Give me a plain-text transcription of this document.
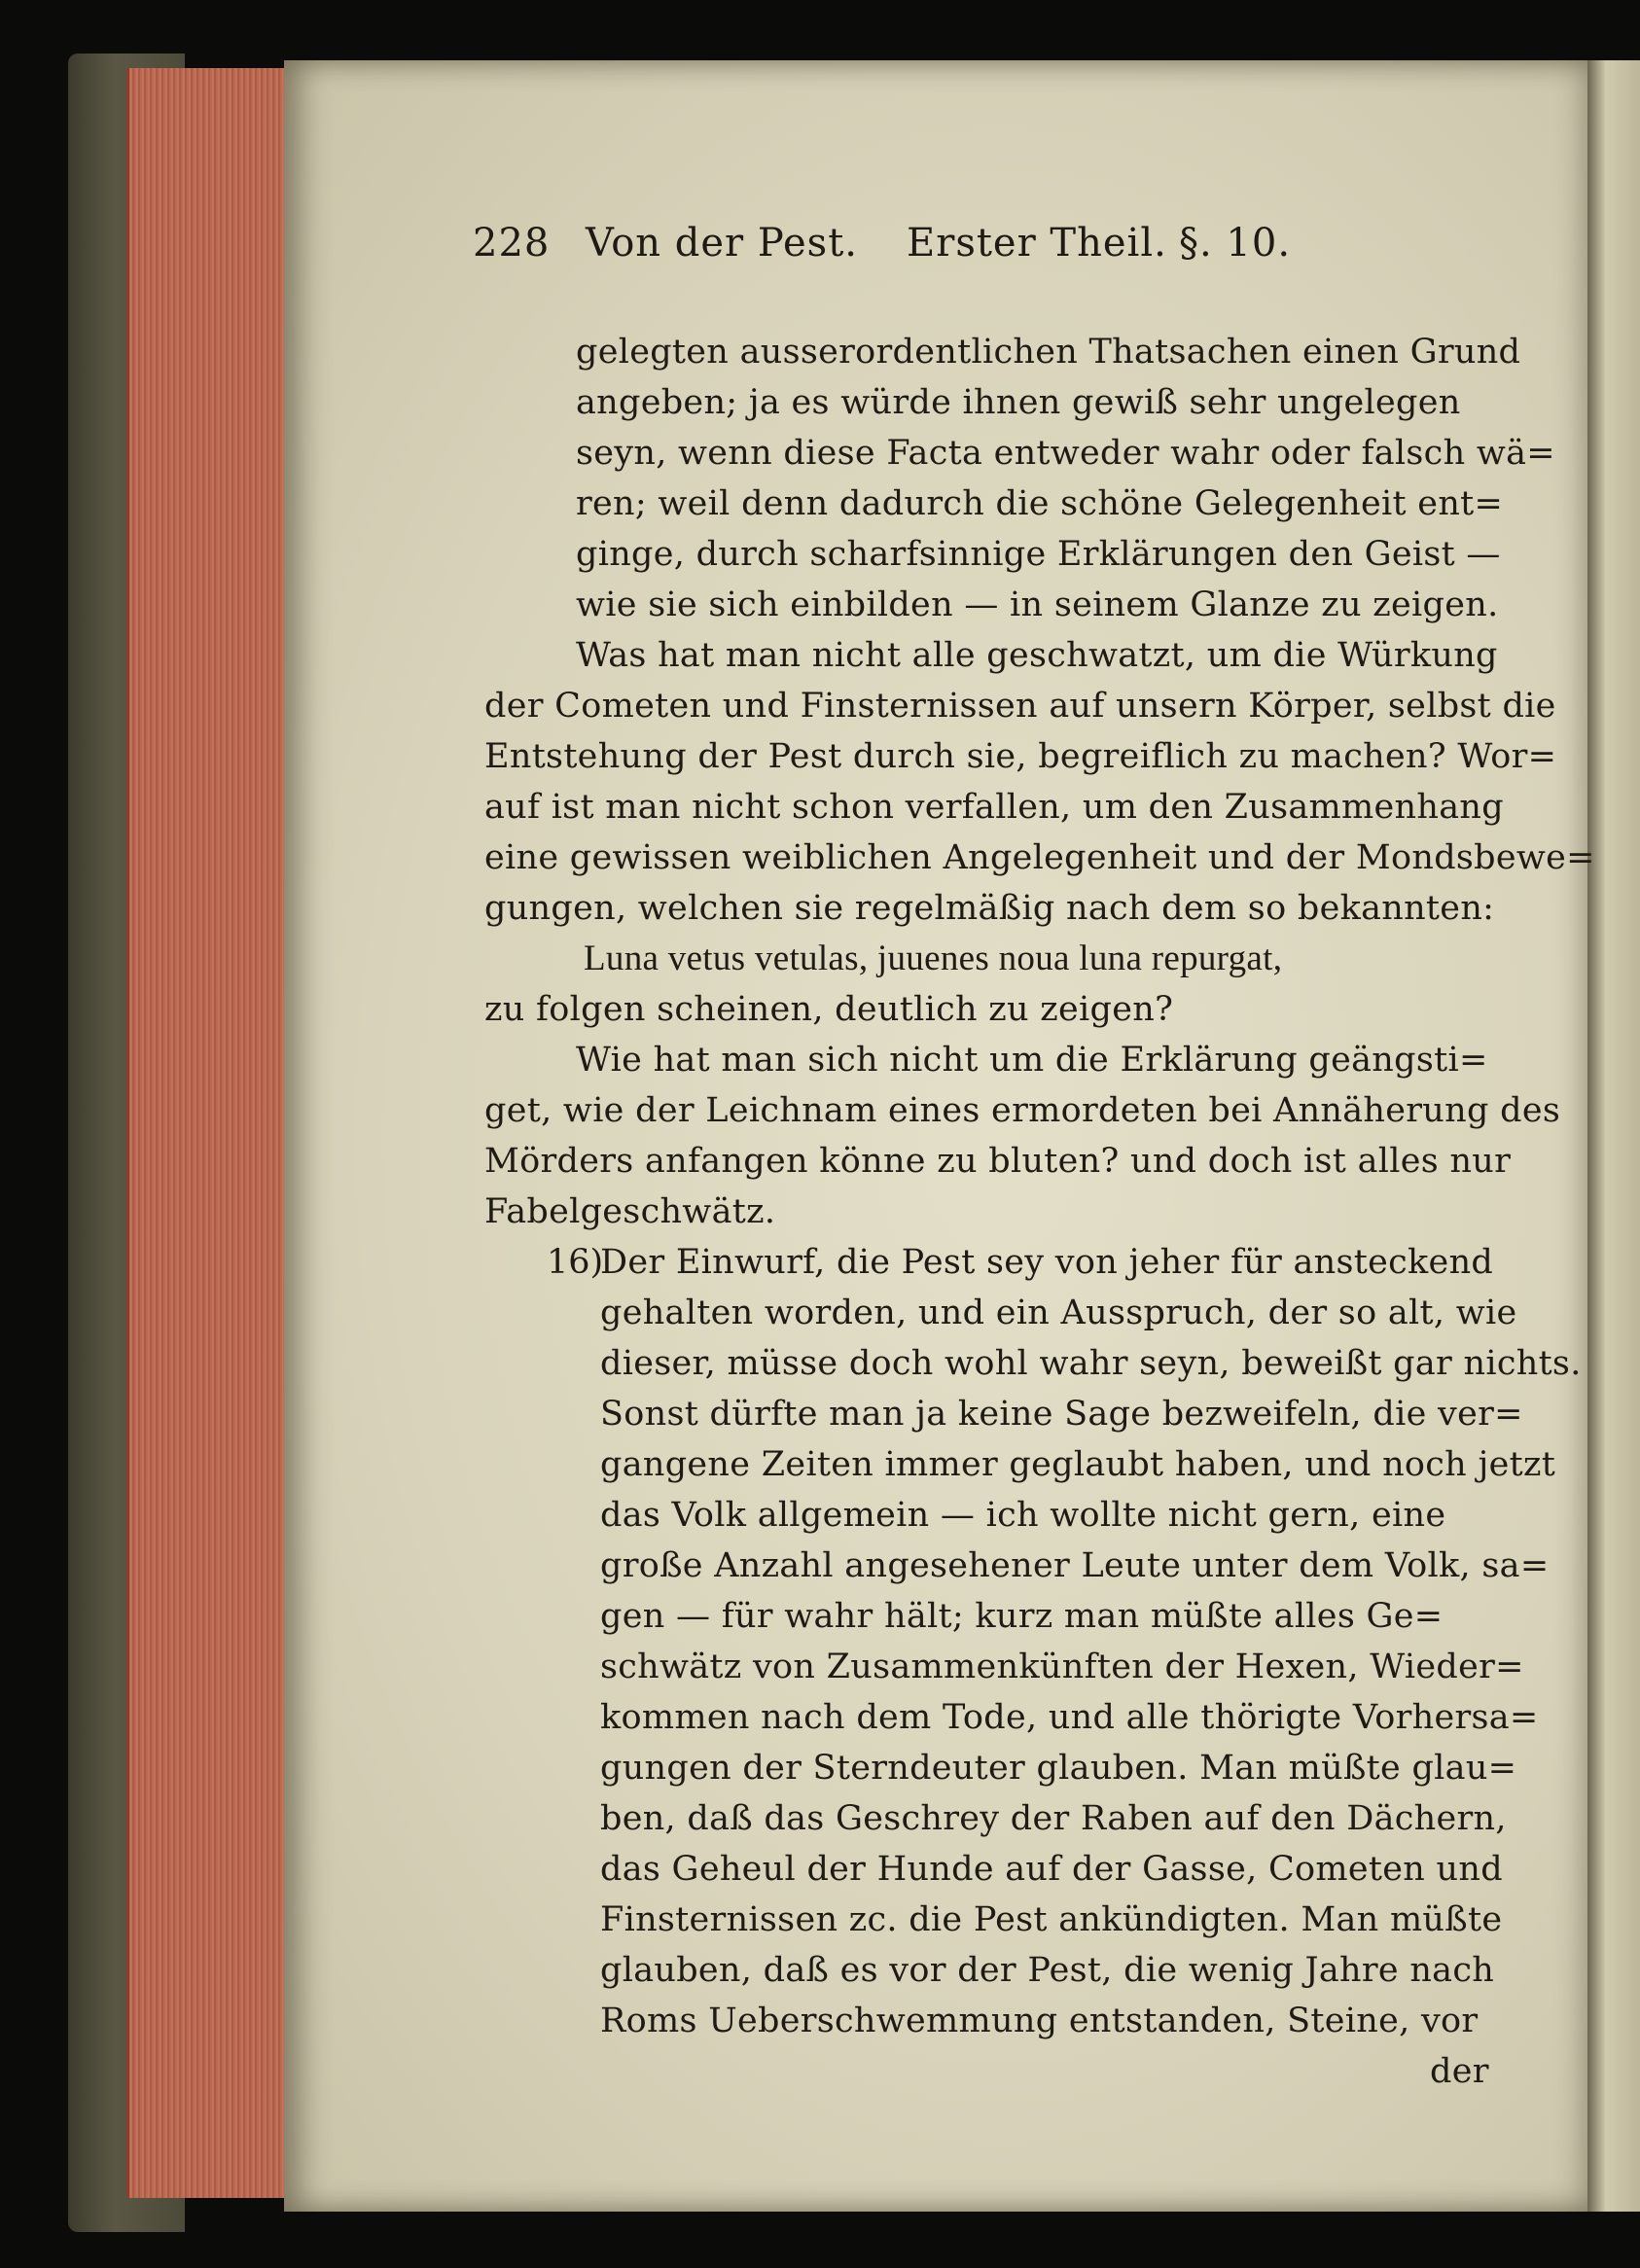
228 Von der Pest. Erster Theil. §. 10.
gelegten ausserordentlichen Thatsachen einen Grund
angeben; ja es würde ihnen gewiß sehr ungelegen
seyn, wenn diese Facta entweder wahr oder falsch wä=
ren; weil denn dadurch die schöne Gelegenheit ent=
ginge, durch scharfsinnige Erklärungen den Geist —
wie sie sich einbilden — in seinem Glanze zu zeigen.
Was hat man nicht alle geschwatzt, um die Würkung
der Cometen und Finsternissen auf unsern Körper, selbst die
Entstehung der Pest durch sie, begreiflich zu machen? Wor=
auf ist man nicht schon verfallen, um den Zusammenhang
eine gewissen weiblichen Angelegenheit und der Mondsbewe=
gungen, welchen sie regelmäßig nach dem so bekannten:
Luna vetus vetulas, juuenes noua luna repurgat,
zu folgen scheinen, deutlich zu zeigen?
Wie hat man sich nicht um die Erklärung geängsti=
get, wie der Leichnam eines ermordeten bei Annäherung des
Mörders anfangen könne zu bluten? und doch ist alles nur
Fabelgeschwätz.
16)
Der Einwurf, die Pest sey von jeher für ansteckend
gehalten worden, und ein Ausspruch, der so alt, wie
dieser, müsse doch wohl wahr seyn, beweißt gar nichts.
Sonst dürfte man ja keine Sage bezweifeln, die ver=
gangene Zeiten immer geglaubt haben, und noch jetzt
das Volk allgemein — ich wollte nicht gern, eine
große Anzahl angesehener Leute unter dem Volk, sa=
gen — für wahr hält; kurz man müßte alles Ge=
schwätz von Zusammenkünften der Hexen, Wieder=
kommen nach dem Tode, und alle thörigte Vorhersa=
gungen der Sterndeuter glauben. Man müßte glau=
ben, daß das Geschrey der Raben auf den Dächern,
das Geheul der Hunde auf der Gasse, Cometen und
Finsternissen zc. die Pest ankündigten. Man müßte
glauben, daß es vor der Pest, die wenig Jahre nach
Roms Ueberschwemmung entstanden, Steine, vor
der
